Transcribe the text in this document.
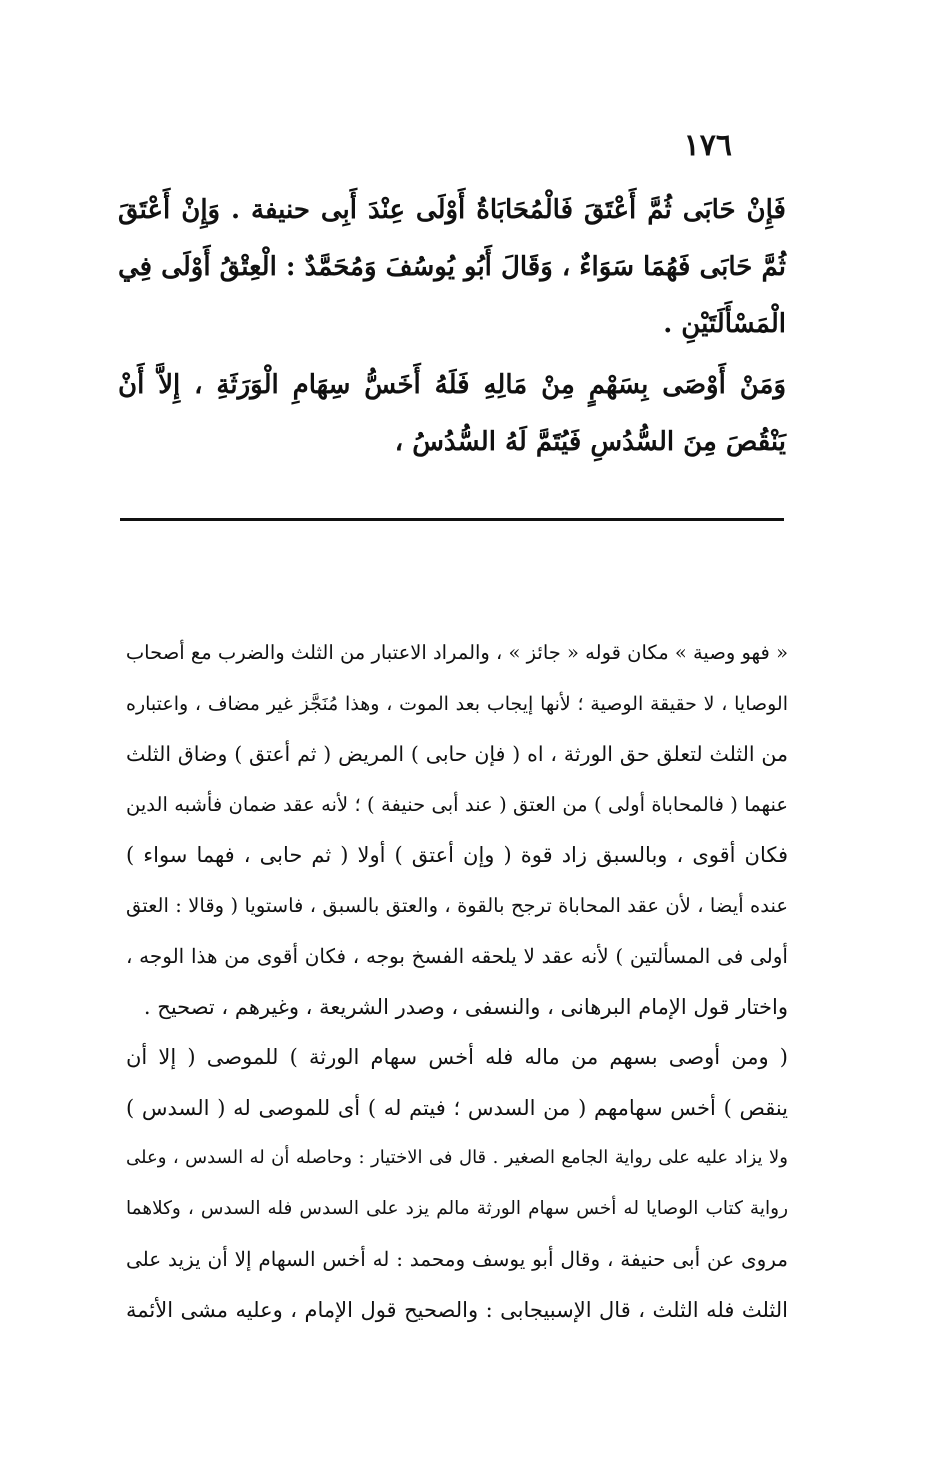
١٧٦

فَإِنْ حَابَى ثُمَّ أَعْتَقَ فَالْمُحَابَاةُ أَوْلَى عِنْدَ أَبِى حنيفة . وَإِنْ أَعْتَقَ ثُمَّ حَابَى فَهُمَا سَوَاءٌ ، وَقَالَ أَبُو يُوسُفَ وَمُحَمَّدٌ : الْعِتْقُ أَوْلَى فِي الْمَسْأَلَتَيْنِ .

وَمَنْ أَوْصَى بِسَهْمٍ مِنْ مَالِهِ فَلَهُ أَخَسُّ سِهَامِ الْوَرَثَةِ ، إِلاَّ أَنْ يَنْقُصَ مِنَ السُّدُسِ فَيُتَمَّ لَهُ السُّدُسُ ،

« فهو وصية » مكان قوله « جائز » ، والمراد الاعتبار من الثلث والضرب مع أصحاب
الوصايا ، لا حقيقة الوصية ؛ لأنها إيجاب بعد الموت ، وهذا مُنَجَّز غير مضاف ، واعتباره
من الثلث لتعلق حق الورثة ، اه ( فإن حابى ) المريض ( ثم أعتق ) وضاق الثلث
عنهما ( فالمحاباة أولى ) من العتق ( عند أبى حنيفة ) ؛ لأنه عقد ضمان فأشبه الدين
فكان أقوى ، وبالسبق زاد قوة ( وإن أعتق ) أولا ( ثم حابى ، فهما سواء )
عنده أيضا ، لأن عقد المحاباة ترجح بالقوة ، والعتق بالسبق ، فاستويا ( وقالا : العتق
أولى فى المسألتين ) لأنه عقد لا يلحقه الفسخ بوجه ، فكان أقوى من هذا الوجه ،
واختار قول الإمام البرهانى ، والنسفى ، وصدر الشريعة ، وغيرهم ، تصحيح .
( ومن أوصى بسهم من ماله فله أخس سهام الورثة ) للموصى ( إلا أن
ينقص ) أخس سهامهم ( من السدس ؛ فيتم له ) أى للموصى له ( السدس )
ولا يزاد عليه على رواية الجامع الصغير . قال فى الاختيار : وحاصله أن له السدس ، وعلى
رواية كتاب الوصايا له أخس سهام الورثة مالم يزد على السدس فله السدس ، وكلاهما
مروى عن أبى حنيفة ، وقال أبو يوسف ومحمد : له أخس السهام إلا أن يزيد على
الثلث فله الثلث ، قال الإسبيجابى : والصحيح قول الإمام ، وعليه مشى الأئمة
